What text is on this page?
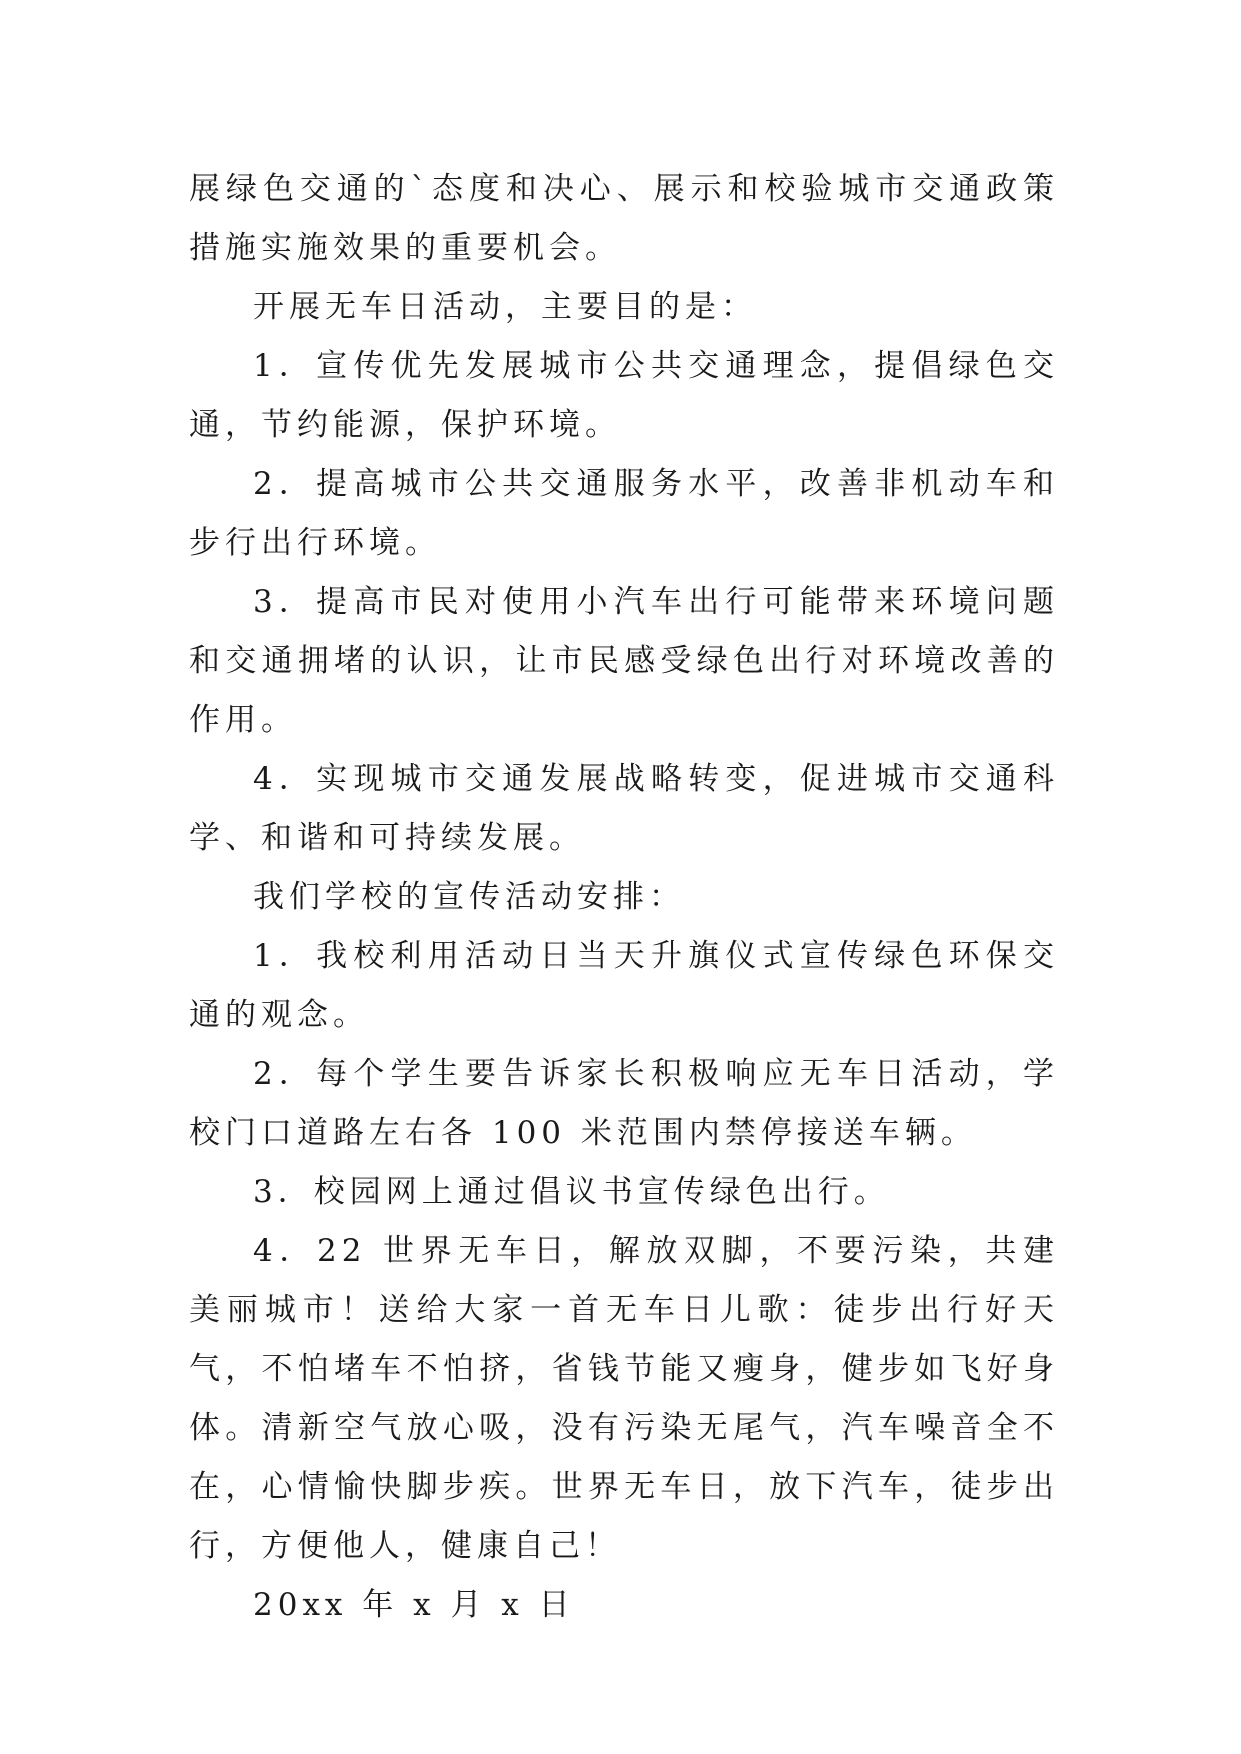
展绿色交通的`态度和决心、展示和校验城市交通政策措施实施效果的重要机会。

开展无车日活动，主要目的是：

1．宣传优先发展城市公共交通理念，提倡绿色交通，节约能源，保护环境。

2．提高城市公共交通服务水平，改善非机动车和步行出行环境。

3．提高市民对使用小汽车出行可能带来环境问题和交通拥堵的认识，让市民感受绿色出行对环境改善的作用。

4．实现城市交通发展战略转变，促进城市交通科学、和谐和可持续发展。

我们学校的宣传活动安排：

1．我校利用活动日当天升旗仪式宣传绿色环保交通的观念。

2．每个学生要告诉家长积极响应无车日活动，学校门口道路左右各 100 米范围内禁停接送车辆。

3．校园网上通过倡议书宣传绿色出行。

4．22 世界无车日，解放双脚，不要污染，共建美丽城市！送给大家一首无车日儿歌：徒步出行好天气，不怕堵车不怕挤，省钱节能又瘦身，健步如飞好身体。清新空气放心吸，没有污染无尾气，汽车噪音全不在，心情愉快脚步疾。世界无车日，放下汽车，徒步出行，方便他人，健康自己！

20xx 年 x 月 x 日
